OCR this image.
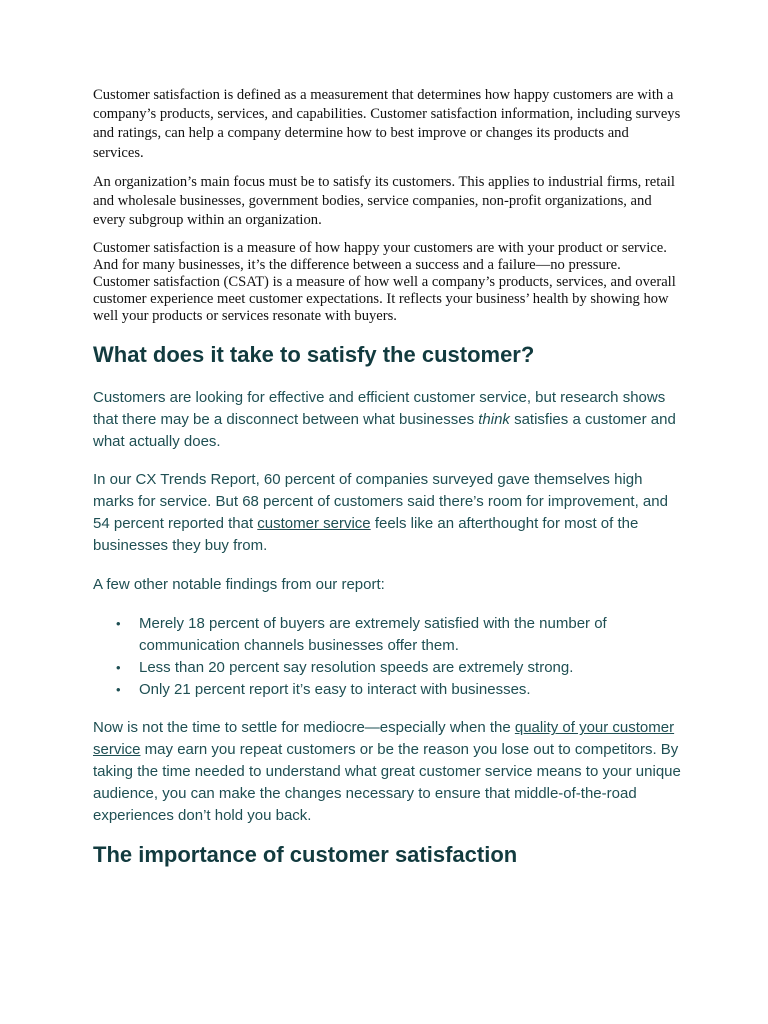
Customer satisfaction is defined as a measurement that determines how happy customers are with a company’s products, services, and capabilities. Customer satisfaction information, including surveys and ratings, can help a company determine how to best improve or changes its products and services.

An organization’s main focus must be to satisfy its customers. This applies to industrial firms, retail and wholesale businesses, government bodies, service companies, non-profit organizations, and every subgroup within an organization.

Customer satisfaction is a measure of how happy your customers are with your product or service. And for many businesses, it’s the difference between a success and a failure—no pressure.

Customer satisfaction (CSAT) is a measure of how well a company’s products, services, and overall customer experience meet customer expectations. It reflects your business’ health by showing how well your products or services resonate with buyers.

What does it take to satisfy the customer?

Customers are looking for effective and efficient customer service, but research shows that there may be a disconnect between what businesses think satisfies a customer and what actually does.

In our CX Trends Report, 60 percent of companies surveyed gave themselves high marks for service. But 68 percent of customers said there’s room for improvement, and 54 percent reported that customer service feels like an afterthought for most of the businesses they buy from.

A few other notable findings from our report:

• Merely 18 percent of buyers are extremely satisfied with the number of communication channels businesses offer them.
• Less than 20 percent say resolution speeds are extremely strong.
• Only 21 percent report it’s easy to interact with businesses.

Now is not the time to settle for mediocre—especially when the quality of your customer service may earn you repeat customers or be the reason you lose out to competitors. By taking the time needed to understand what great customer service means to your unique audience, you can make the changes necessary to ensure that middle-of-the-road experiences don’t hold you back.

The importance of customer satisfaction
